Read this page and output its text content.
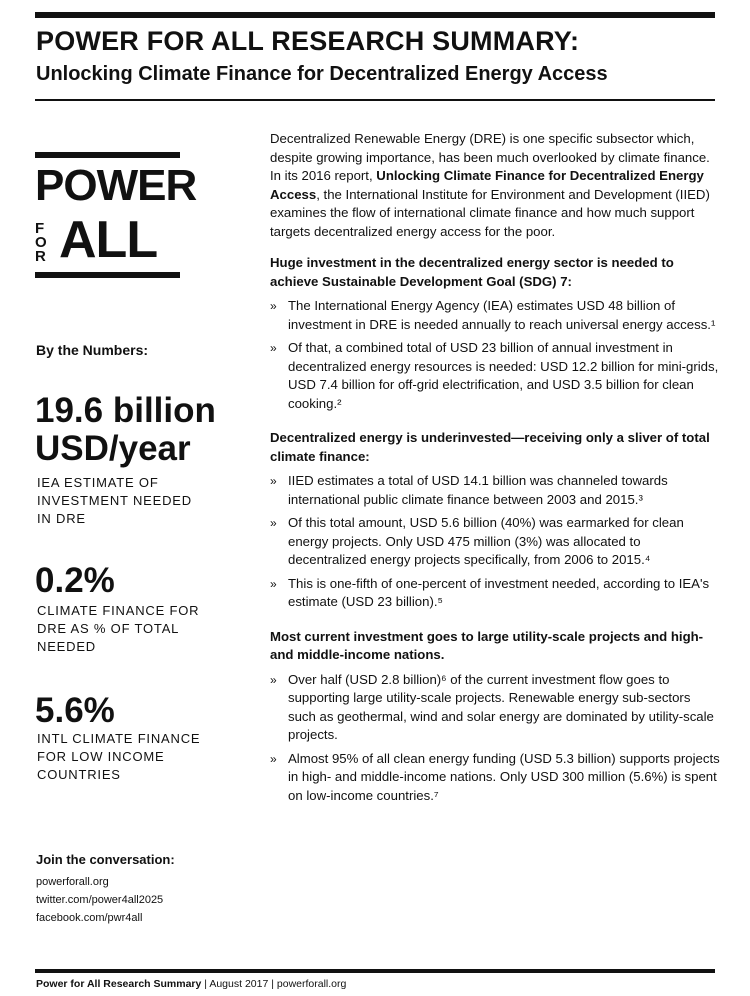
POWER FOR ALL RESEARCH SUMMARY:
Unlocking Climate Finance for Decentralized Energy Access
POWER
F
O
R ALL
By the Numbers:
19.6 billion
USD/year
IEA ESTIMATE OF
INVESTMENT NEEDED
IN DRE
0.2%
CLIMATE FINANCE FOR
DRE AS % OF TOTAL
NEEDED
5.6%
INTL CLIMATE FINANCE
FOR LOW INCOME
COUNTRIES
Join the conversation:
powerforall.org
twitter.com/power4all2025
facebook.com/pwr4all

Decentralized Renewable Energy (DRE) is one specific subsector which, despite growing importance, has been much overlooked by climate finance. In its 2016 report, Unlocking Climate Finance for Decentralized Energy Access, the International Institute for Environment and Development (IIED) examines the flow of international climate finance and how much support targets decentralized energy access for the poor.

Huge investment in the decentralized energy sector is needed to achieve Sustainable Development Goal (SDG) 7:
» The International Energy Agency (IEA) estimates USD 48 billion of investment in DRE is needed annually to reach universal energy access.¹
» Of that, a combined total of USD 23 billion of annual investment in decentralized energy resources is needed: USD 12.2 billion for mini-grids, USD 7.4 billion for off-grid electrification, and USD 3.5 billion for clean cooking.²
Decentralized energy is underinvested—receiving only a sliver of total climate finance:
» IIED estimates a total of USD 14.1 billion was channeled towards international public climate finance between 2003 and 2015.³
» Of this total amount, USD 5.6 billion (40%) was earmarked for clean energy projects. Only USD 475 million (3%) was allocated to decentralized energy projects specifically, from 2006 to 2015.⁴
» This is one-fifth of one-percent of investment needed, according to IEA's estimate (USD 23 billion).⁵
Most current investment goes to large utility-scale projects and high- and middle-income nations.
» Over half (USD 2.8 billion)⁶ of the current investment flow goes to supporting large utility-scale projects. Renewable energy sub-sectors such as geothermal, wind and solar energy are dominated by utility-scale projects.
» Almost 95% of all clean energy funding (USD 5.3 billion) supports projects in high- and middle-income nations. Only USD 300 million (5.6%) is spent on low-income countries.⁷
Power for All Research Summary | August 2017 | powerforall.org
